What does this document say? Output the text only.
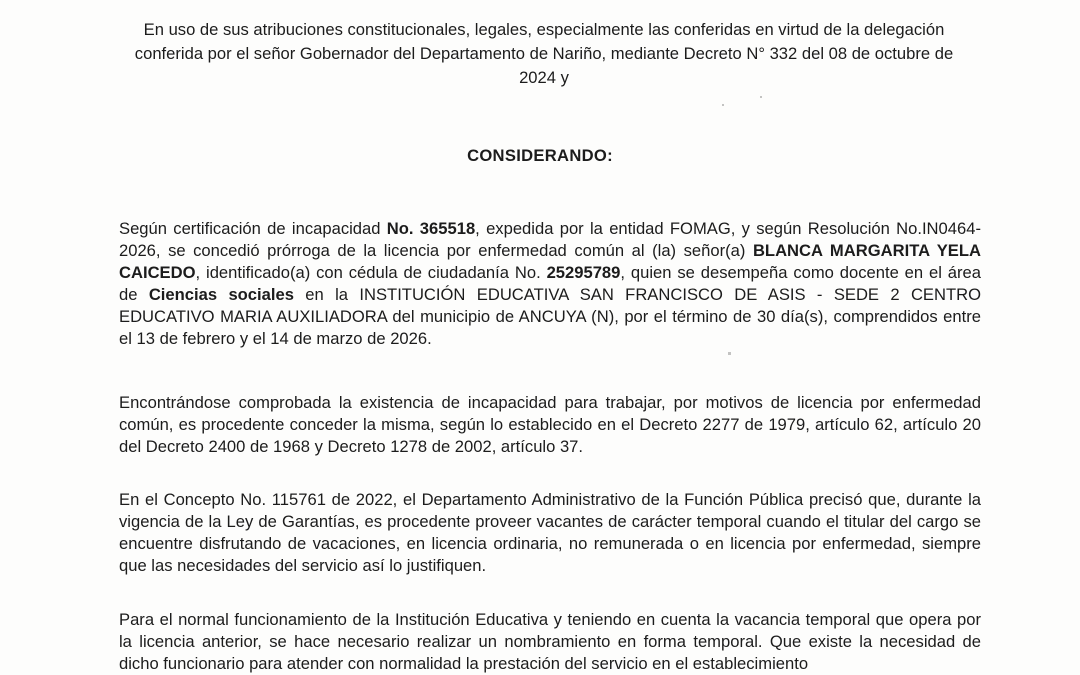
En uso de sus atribuciones constitucionales, legales, especialmente las conferidas en virtud de la delegación conferida por el señor Gobernador del Departamento de Nariño, mediante Decreto N° 332 del 08 de octubre de 2024 y
CONSIDERANDO:
Según certificación de incapacidad No. 365518, expedida por la entidad FOMAG, y según Resolución No.IN0464-2026, se concedió prórroga de la licencia por enfermedad común al (la) señor(a) BLANCA MARGARITA YELA CAICEDO, identificado(a) con cédula de ciudadanía No. 25295789, quien se desempeña como docente en el área de Ciencias sociales en la INSTITUCIÓN EDUCATIVA SAN FRANCISCO DE ASIS - SEDE 2 CENTRO EDUCATIVO MARIA AUXILIADORA del municipio de ANCUYA (N), por el término de 30 día(s), comprendidos entre el 13 de febrero y el 14 de marzo de 2026.
Encontrándose comprobada la existencia de incapacidad para trabajar, por motivos de licencia por enfermedad común, es procedente conceder la misma, según lo establecido en el Decreto 2277 de 1979, artículo 62, artículo 20 del Decreto 2400 de 1968 y Decreto 1278 de 2002, artículo 37.
En el Concepto No. 115761 de 2022, el Departamento Administrativo de la Función Pública precisó que, durante la vigencia de la Ley de Garantías, es procedente proveer vacantes de carácter temporal cuando el titular del cargo se encuentre disfrutando de vacaciones, en licencia ordinaria, no remunerada o en licencia por enfermedad, siempre que las necesidades del servicio así lo justifiquen.
Para el normal funcionamiento de la Institución Educativa y teniendo en cuenta la vacancia temporal que opera por la licencia anterior, se hace necesario realizar un nombramiento en forma temporal. Que existe la necesidad de dicho funcionario para atender con normalidad la prestación del servicio en el establecimiento
